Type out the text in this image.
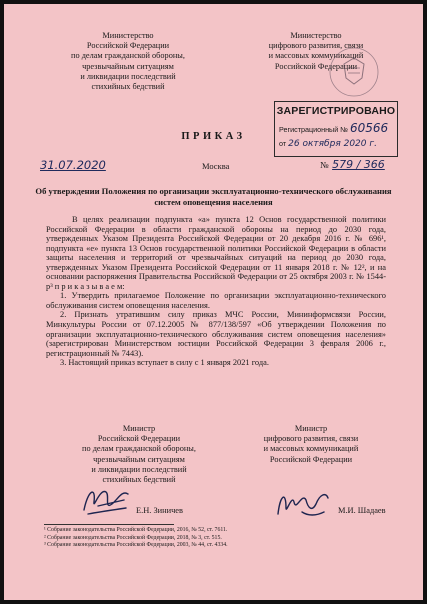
Министерство
Российской Федерации
по делам гражданской обороны,
чрезвычайным ситуациям
и ликвидации последствий
стихийных бедствий
Министерство
цифрового развития, связи
и массовых коммуникаций
Российской Федерации
ЗАРЕГИСТРИРОВАНО
Регистрационный № 60566
от 26 октября 2020 г.
ПРИКАЗ
31.07.2020	Москва	№ 579 / 366
Об утверждении Положения по организации эксплуатационно-технического обслуживания систем оповещения населения

В целях реализации подпункта «а» пункта 12 Основ государственной политики Российской Федерации в области гражданской обороны на период до 2030 года, утвержденных Указом Президента Российской Федерации от 20 декабря 2016 г. № 696¹, подпункта «е» пункта 13 Основ государственной политики Российской Федерации в области защиты населения и территорий от чрезвычайных ситуаций на период до 2030 года, утвержденных Указом Президента Российской Федерации от 11 января 2018 г. № 12², и на основании распоряжения Правительства Российской Федерации от 25 октября 2003 г. № 1544-р³ п р и к а з ы в а е м:

1. Утвердить прилагаемое Положение по организации эксплуатационно-технического обслуживания систем оповещения населения.

2. Признать утратившим силу приказ МЧС России, Мининформсвязи России, Минкультуры России от 07.12.2005 № 877/138/597 «Об утверждении Положения по организации эксплуатационно-технического обслуживания систем оповещения населения» (зарегистрирован Министерством юстиции Российской Федерации 3 февраля 2006 г., регистрационный № 7443).

3. Настоящий приказ вступает в силу с 1 января 2021 года.

Министр
Российской Федерации
по делам гражданской обороны,
чрезвычайным ситуациям
и ликвидации последствий
стихийных бедствий
Министр
цифрового развития, связи
и массовых коммуникаций
Российской Федерации
Е.Н. Зиничев	М.И. Шадаев
¹ Собрание законодательства Российской Федерации, 2016, № 52, ст. 7611.
² Собрание законодательства Российской Федерации, 2018, № 3, ст. 515.
³ Собрание законодательства Российской Федерации, 2003, № 44, ст. 4334.
